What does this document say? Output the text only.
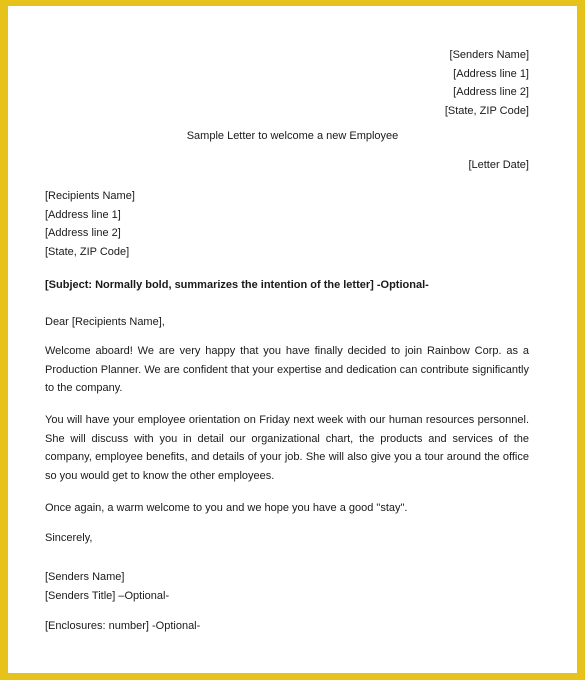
[Senders Name]
[Address line 1]
[Address line 2]
[State, ZIP Code]
Sample Letter to welcome a new Employee
[Letter Date]
[Recipients Name]
[Address line 1]
[Address line 2]
[State, ZIP Code]
[Subject: Normally bold, summarizes the intention of the letter] -Optional-
Dear [Recipients Name],

Welcome aboard! We are very happy that you have finally decided to join Rainbow Corp. as a Production Planner. We are confident that your expertise and dedication can contribute significantly to the company.

You will have your employee orientation on Friday next week with our human resources personnel. She will discuss with you in detail our organizational chart, the products and services of the company, employee benefits, and details of your job. She will also give you a tour around the office so you would get to know the other employees.

Once again, a warm welcome to you and we hope you have a good "stay".

Sincerely,
[Senders Name]
[Senders Title] –Optional-
[Enclosures: number] -Optional-
